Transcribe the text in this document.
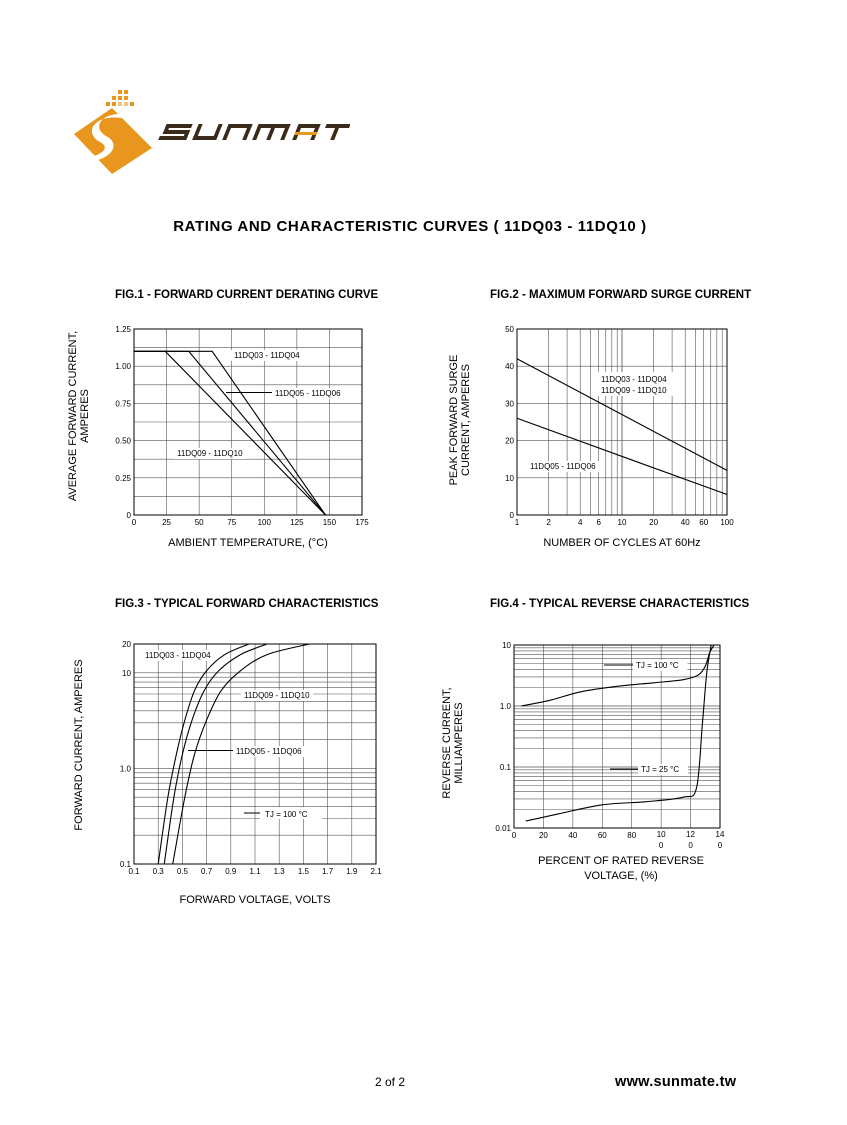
RATING AND CHARACTERISTIC CURVES ( 11DQ03 - 11DQ10 )
FIG.1 - FORWARD CURRENT DERATING CURVE	FIG.2 - MAXIMUM FORWARD SURGE CURRENT
FIG.3 - TYPICAL FORWARD CHARACTERISTICS	FIG.4 - TYPICAL REVERSE CHARACTERISTICS
0	25	50	75	100 125 150 175
0
0.25
0.50
0.75
1.00
1.25
11DQ03 - 11DQ04
11DQ05 - 11DQ06
11DQ09 - 11DQ10
AMBIENT TEMPERATURE, (°C)
AVERAGE FORWARD CURRENT,AMPERES
1	2	4 6 10	20	40 60 100
0
10
20
30
40
50
11DQ03 - 11DQ04 11DQ09 - 11DQ10
11DQ05 - 11DQ06
NUMBER OF CYCLES AT 60Hz
PEAK FORWARD SURGECURRENT, AMPERES
0.1 0.3 0.5 0.7 0.9 1.1 1.3 1.5 1.7 1.9 2.1
0.1
1.0
10
20
11DQ03 - 11DQ04
11DQ09 - 11DQ10
11DQ05 - 11DQ06
TJ = 100 °C
FORWARD VOLTAGE, VOLTS
FORWARD CURRENT, AMPERES
0	20	40	60	80	10 0
12 0
14 0
0.01
0.1
1.0
10
TJ = 100 °C
TJ = 25 °C
PERCENT OF RATED REVERSE VOLTAGE, (%)
REVERSE CURRENT,MILLIAMPERES
2 of 2	www.sunmate.tw
